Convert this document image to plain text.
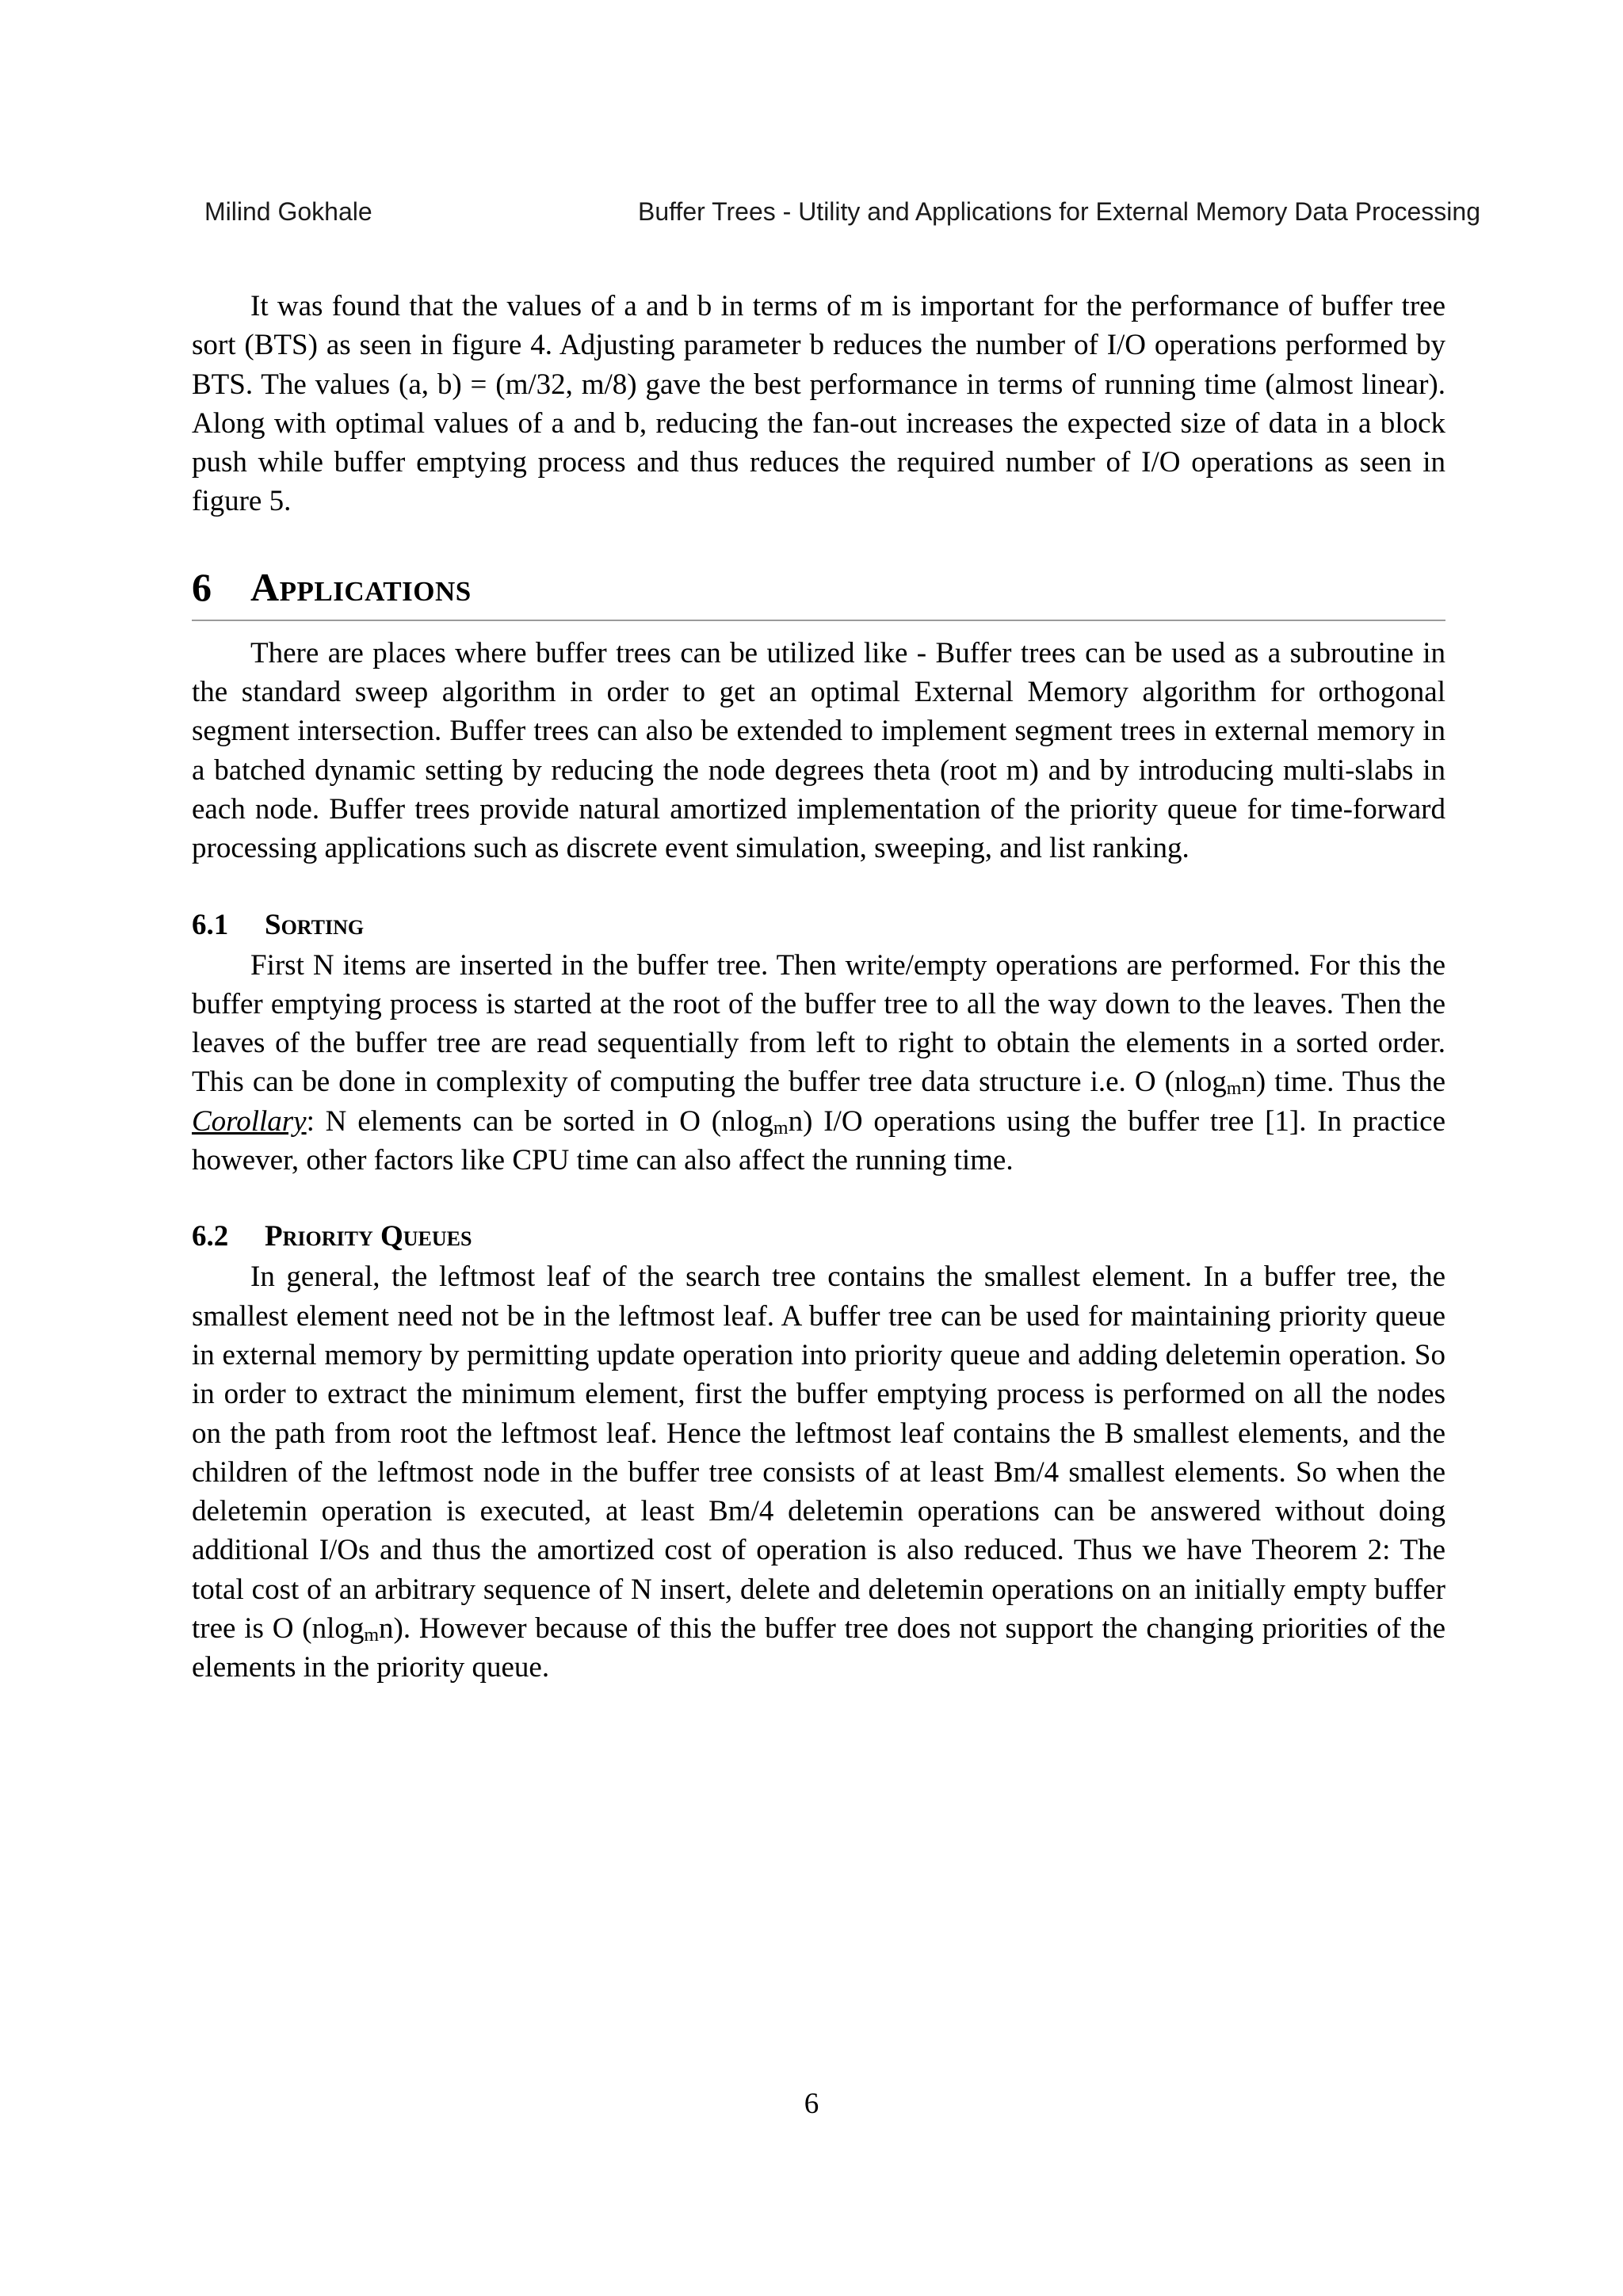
Milind Gokhale	Buffer Trees - Utility and Applications for External Memory Data Processing

It was found that the values of a and b in terms of m is important for the performance of buffer tree sort (BTS) as seen in figure 4. Adjusting parameter b reduces the number of I/O operations performed by BTS. The values (a, b) = (m/32, m/8) gave the best performance in terms of running time (almost linear). Along with optimal values of a and b, reducing the fan-out increases the expected size of data in a block push while buffer emptying process and thus reduces the required number of I/O operations as seen in figure 5.

6 Applications

There are places where buffer trees can be utilized like - Buffer trees can be used as a subroutine in the standard sweep algorithm in order to get an optimal External Memory algorithm for orthogonal segment intersection. Buffer trees can also be extended to implement segment trees in external memory in a batched dynamic setting by reducing the node degrees theta (root m) and by introducing multi-slabs in each node. Buffer trees provide natural amortized implementation of the priority queue for time-forward processing applications such as discrete event simulation, sweeping, and list ranking.

6.1 Sorting

First N items are inserted in the buffer tree. Then write/empty operations are performed. For this the buffer emptying process is started at the root of the buffer tree to all the way down to the leaves. Then the leaves of the buffer tree are read sequentially from left to right to obtain the elements in a sorted order. This can be done in complexity of computing the buffer tree data structure i.e. O (nlog$_m$n) time. Thus the Corollary: N elements can be sorted in O (nlog$_m$n) I/O operations using the buffer tree [1]. In practice however, other factors like CPU time can also affect the running time.

6.2 Priority Queues

In general, the leftmost leaf of the search tree contains the smallest element. In a buffer tree, the smallest element need not be in the leftmost leaf. A buffer tree can be used for maintaining priority queue in external memory by permitting update operation into priority queue and adding deletemin operation. So in order to extract the minimum element, first the buffer emptying process is performed on all the nodes on the path from root the leftmost leaf. Hence the leftmost leaf contains the B smallest elements, and the children of the leftmost node in the buffer tree consists of at least Bm/4 smallest elements. So when the deletemin operation is executed, at least Bm/4 deletemin operations can be answered without doing additional I/Os and thus the amortized cost of operation is also reduced. Thus we have Theorem 2: The total cost of an arbitrary sequence of N insert, delete and deletemin operations on an initially empty buffer tree is O (nlog$_m$n). However because of this the buffer tree does not support the changing priorities of the elements in the priority queue.

6
